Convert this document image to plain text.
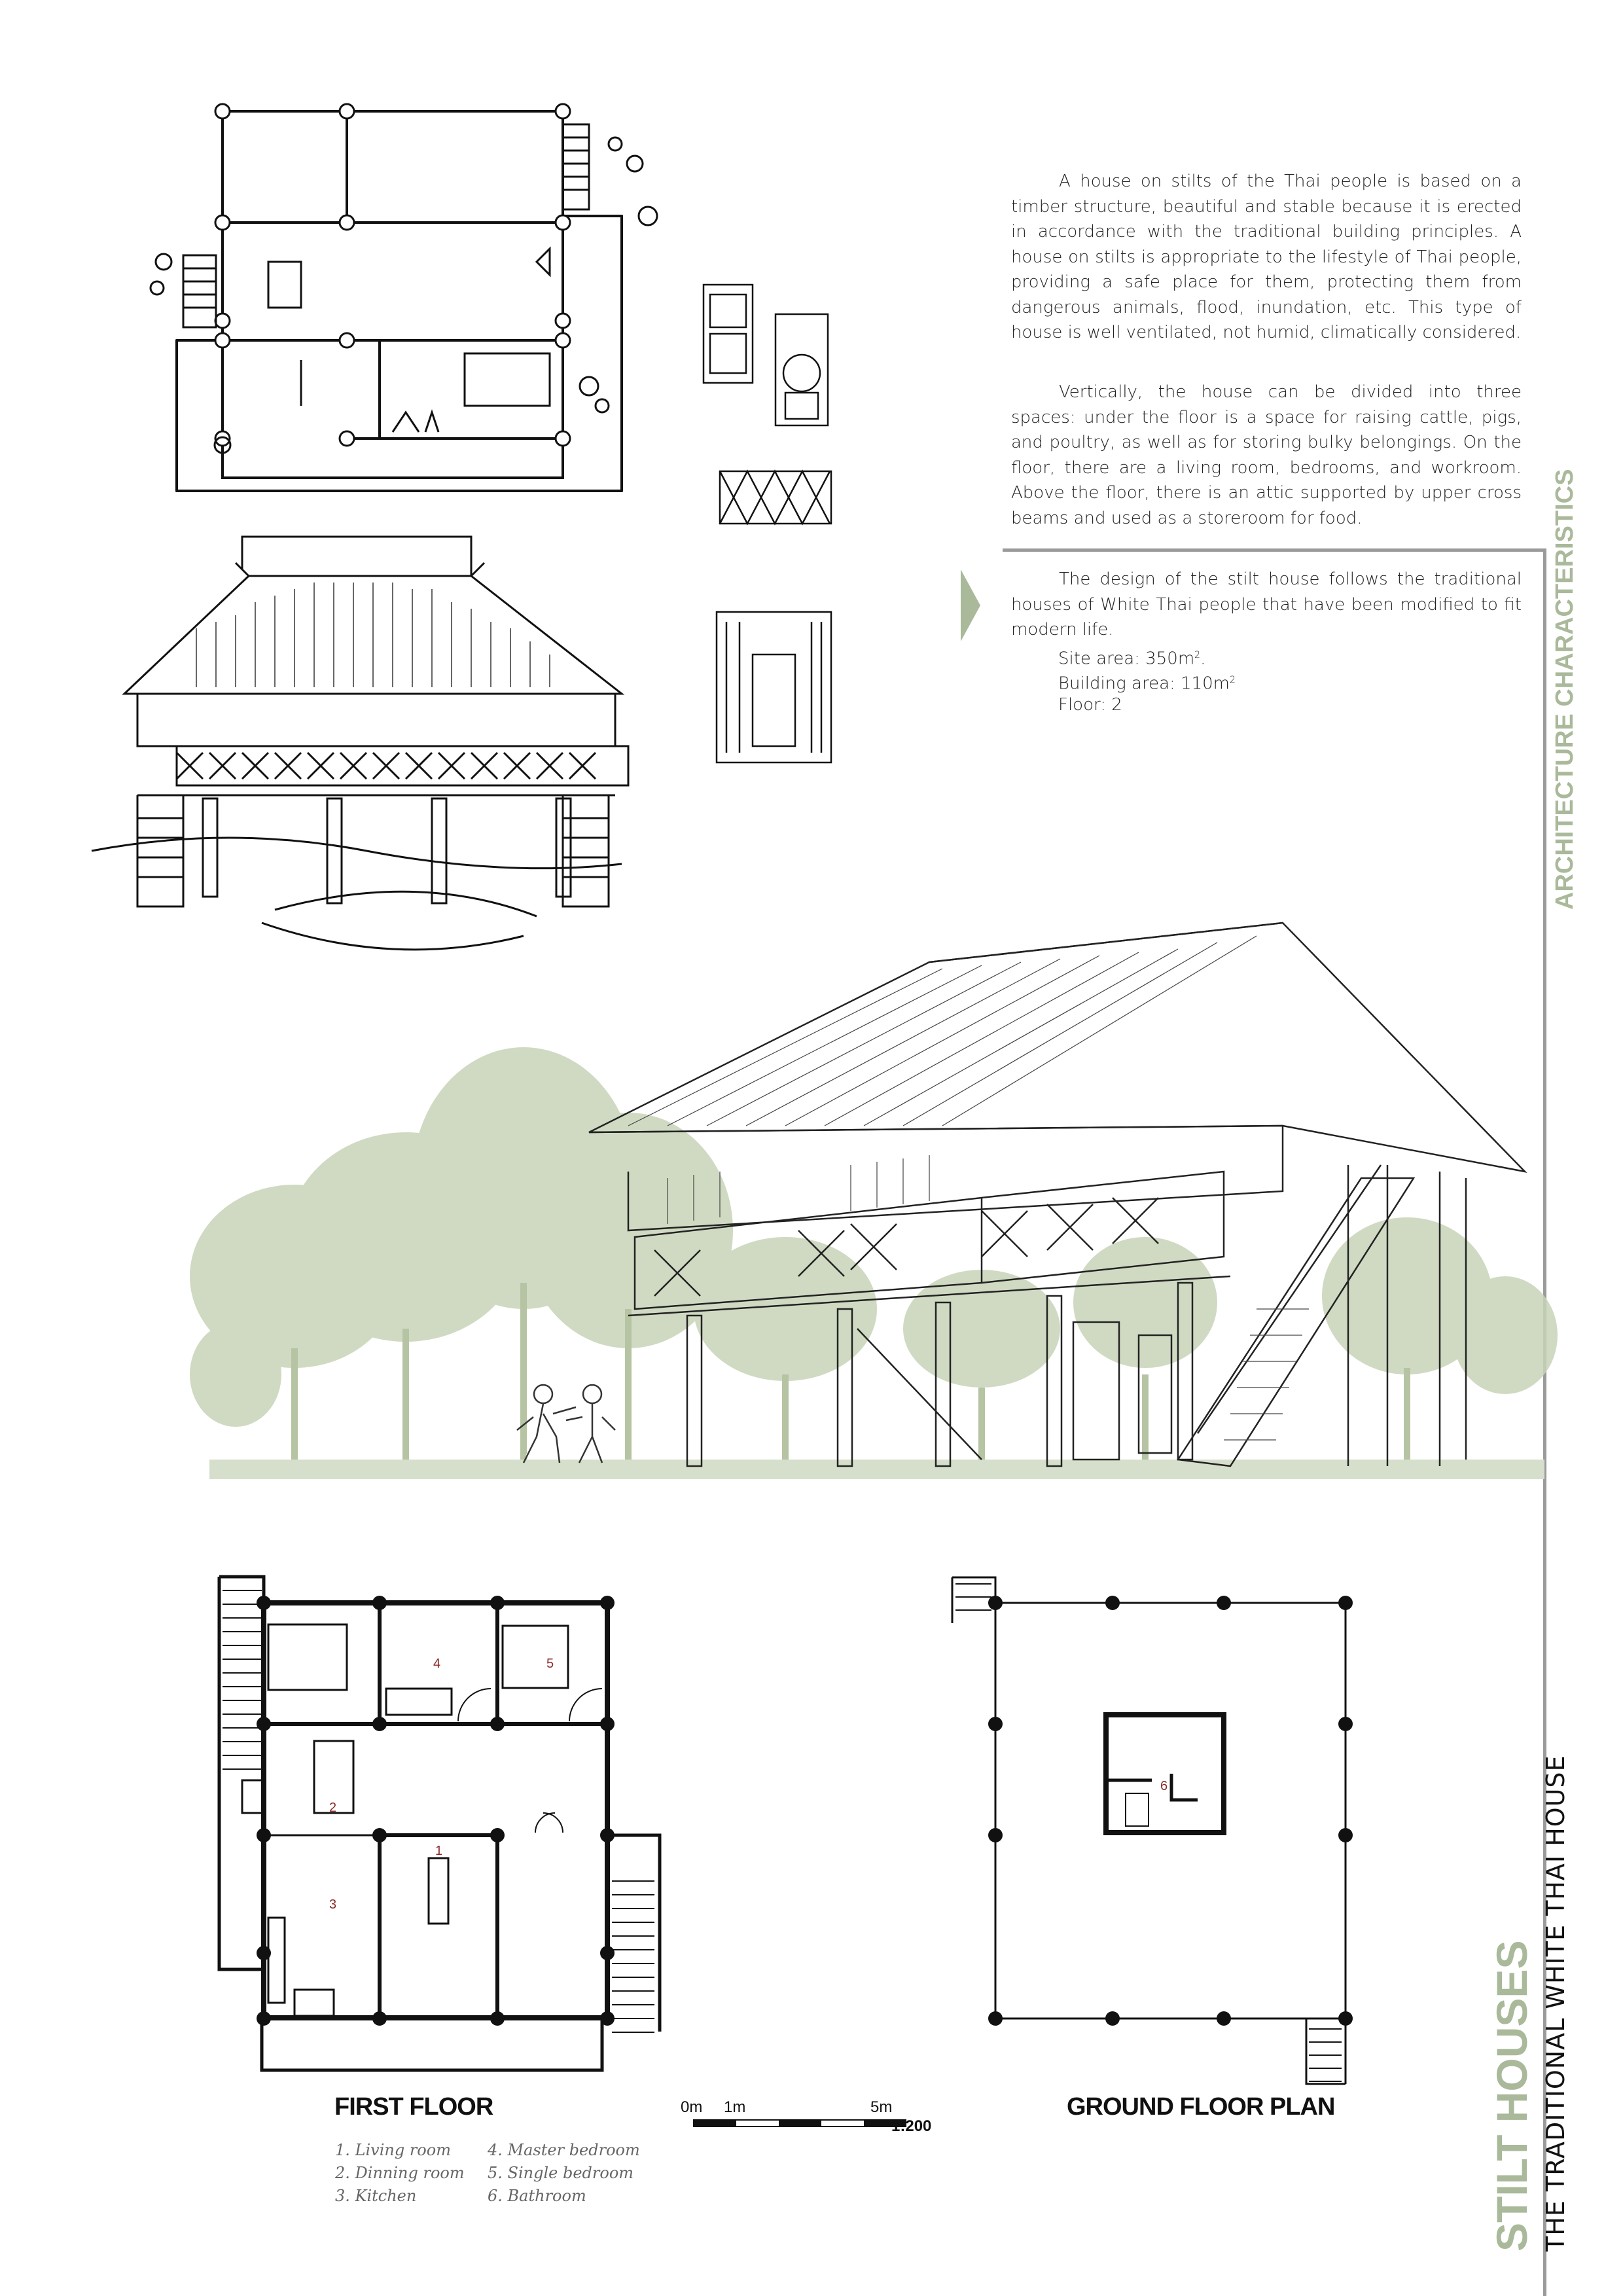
A house on stilts of the Thai people is based on a timber structure, beautiful and stable because it is erected in accordance with the traditional building principles. A house on stilts is appropriate to the lifestyle of Thai people, providing a safe place for them, protecting them from dangerous animals, flood, inundation, etc. This type of house is well ventilated, not humid, climatically considered.

Vertically, the house can be divided into three spaces: under the floor is a space for raising cattle, pigs, and poultry, as well as for storing bulky belongings. On the floor, there are a living room, bedrooms, and workroom. Above the floor, there is an attic supported by upper cross beams and used as a storeroom for food.

The design of the stilt house follows the traditional houses of White Thai people that have been modified to fit modern life.

Site area: $350m^2$.
Building area: $110m^2$
Floor: 2	ARCHITECTURE CHARACTERISTICS
STILT HOUSES THE TRADITIONAL WHITE THAI HOUSE
4	5
2
1
3
6
FIRST FLOOR	GROUND FLOOR PLAN
1. Living room
2. Dinning room
3. Kitchen
4. Master bedroom
5. Single bedroom
6. Bathroom
0m 1m	5m
1:200
